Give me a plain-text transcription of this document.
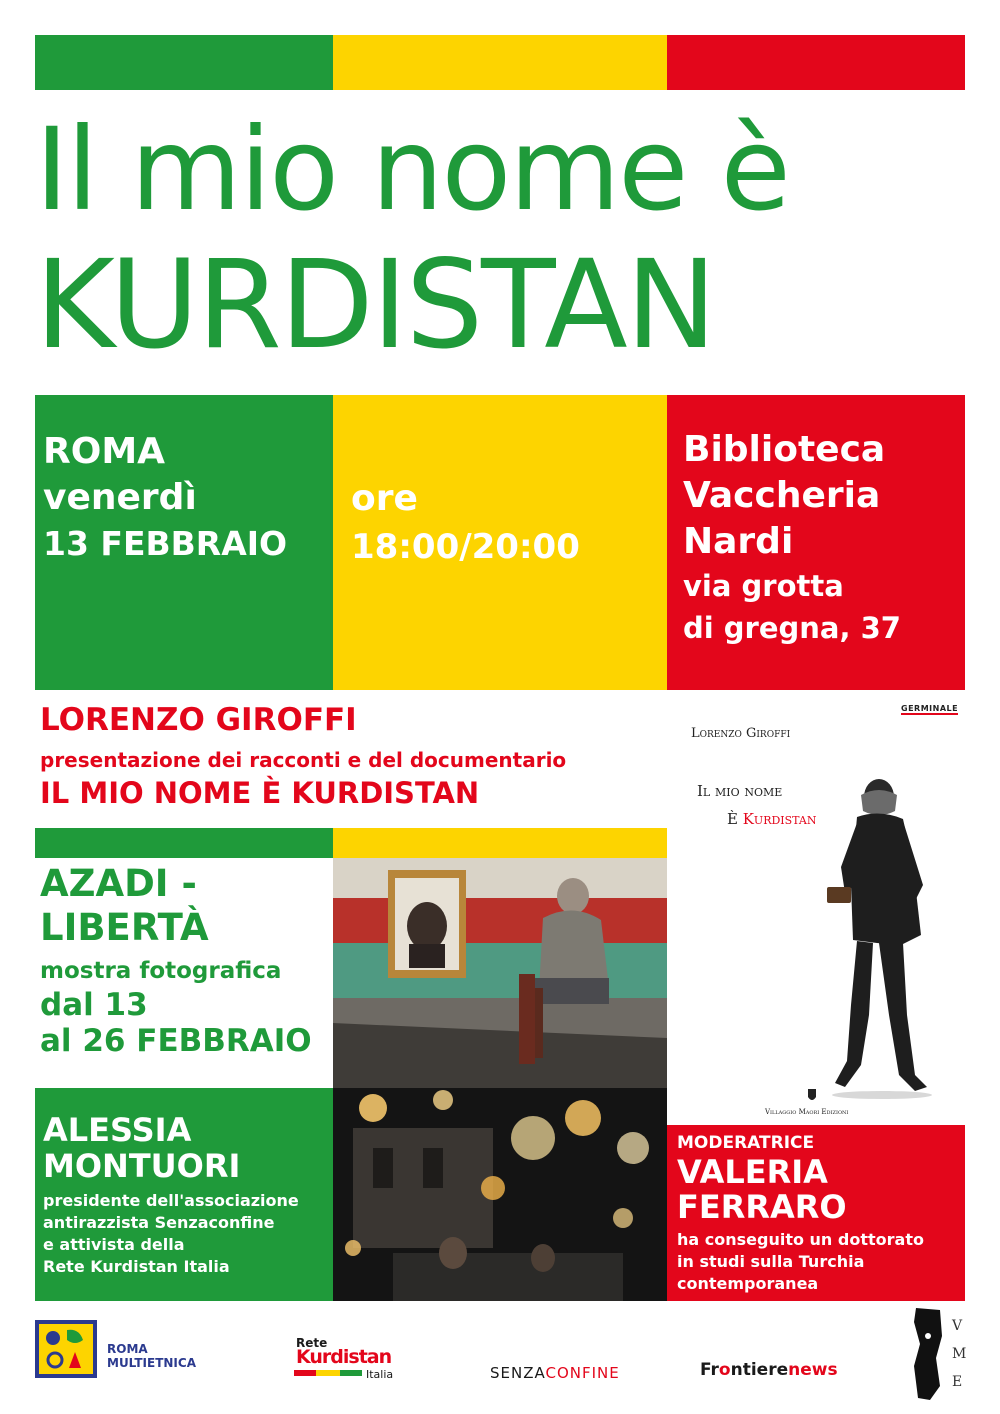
Il mio nome è
KURDISTAN
ROMA
venerdì
13 FEBBRAIO
ore
18:00/20:00
Biblioteca
Vaccheria
Nardi
via grotta
di gregna, 37
LORENZO GIROFFI
presentazione dei racconti e del documentario
IL MIO NOME È KURDISTAN
GERMINALE
Lorenzo Giroffi
Il mio nome
È Kurdistan
Villaggio Maori Edizioni
AZADI -
LIBERTÀ
mostra fotografica
dal 13
al 26 FEBBRAIO
ALESSIA
MONTUORI
presidente dell'associazione
antirazzista Senzaconfine
e attivista della
Rete Kurdistan Italia
MODERATRICE
VALERIA
FERRARO
ha conseguito un dottorato
in studi sulla Turchia
contemporanea
ROMA
MULTIETNICA
Rete
Kurdistan
Italia	SENZACONFINE	Frontierenews
V
M
E
